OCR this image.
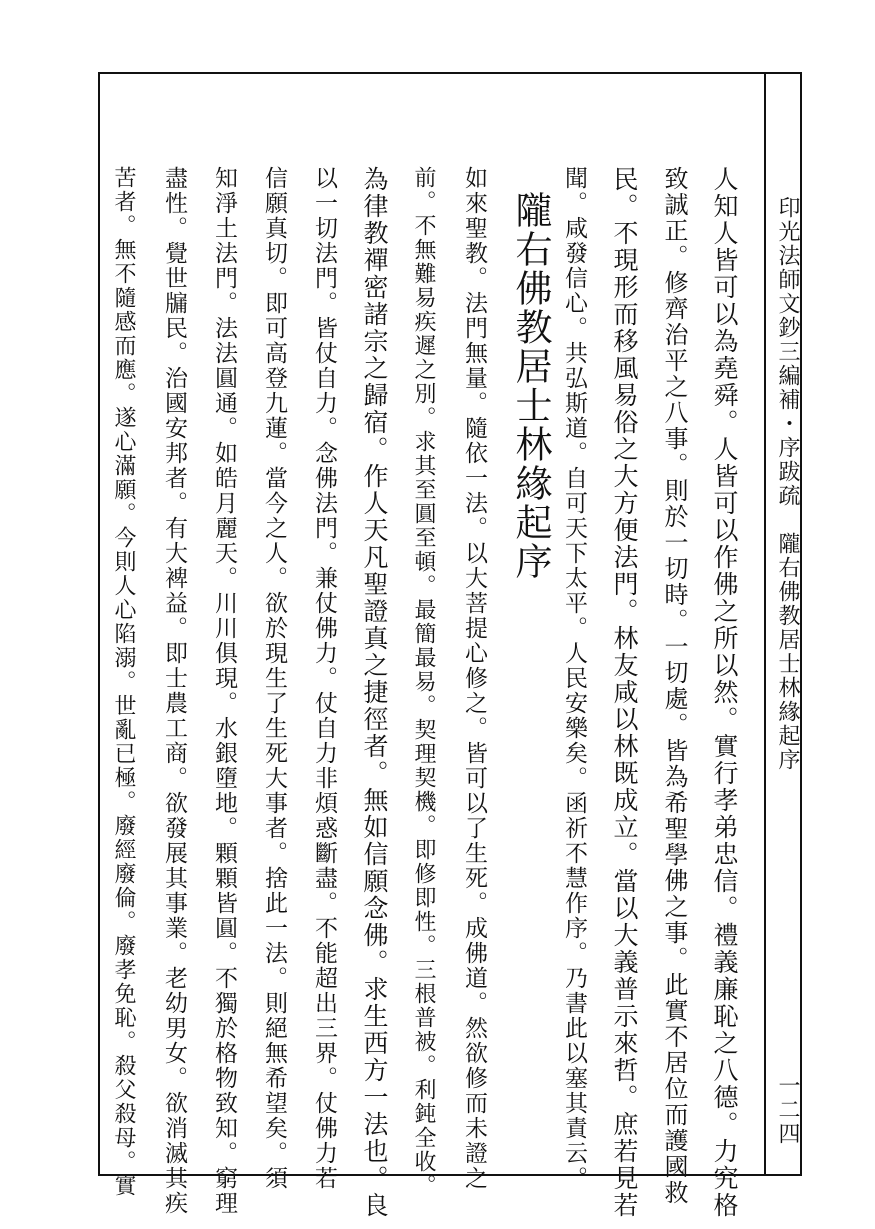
印光法師文鈔三編補・序跋疏　隴右佛教居士林緣起序
一二四
人知人皆可以為堯舜。人皆可以作佛之所以然。實行孝弟忠信。禮義廉恥之八德。力究格
致誠正。修齊治平之八事。則於一切時。一切處。皆為希聖學佛之事。此實不居位而護國救
民。不現形而移風易俗之大方便法門。林友咸以林既成立。當以大義普示來哲。庶若見若
聞。咸發信心。共弘斯道。自可天下太平。人民安樂矣。函祈不慧作序。乃書此以塞其責云。
　隴右佛教居士林緣起序
如來聖教。法門無量。隨依一法。以大菩提心修之。皆可以了生死。成佛道。然欲修而未證之
前。不無難易疾遲之別。求其至圓至頓。最簡最易。契理契機。即修即性。三根普被。利鈍全收。
為律教禪密諸宗之歸宿。作人天凡聖證真之捷徑者。無如信願念佛。求生西方一法也。良
以一切法門。皆仗自力。念佛法門。兼仗佛力。仗自力非煩惑斷盡。不能超出三界。仗佛力若
信願真切。即可高登九蓮。當今之人。欲於現生了生死大事者。捨此一法。則絕無希望矣。須
知淨土法門。法法圓通。如皓月麗天。川川俱現。水銀墮地。顆顆皆圓。不獨於格物致知。窮理
盡性。覺世牖民。治國安邦者。有大裨益。即士農工商。欲發展其事業。老幼男女。欲消滅其疾
苦者。無不隨感而應。遂心滿願。今則人心陷溺。世亂已極。廢經廢倫。廢孝免恥。殺父殺母。實
